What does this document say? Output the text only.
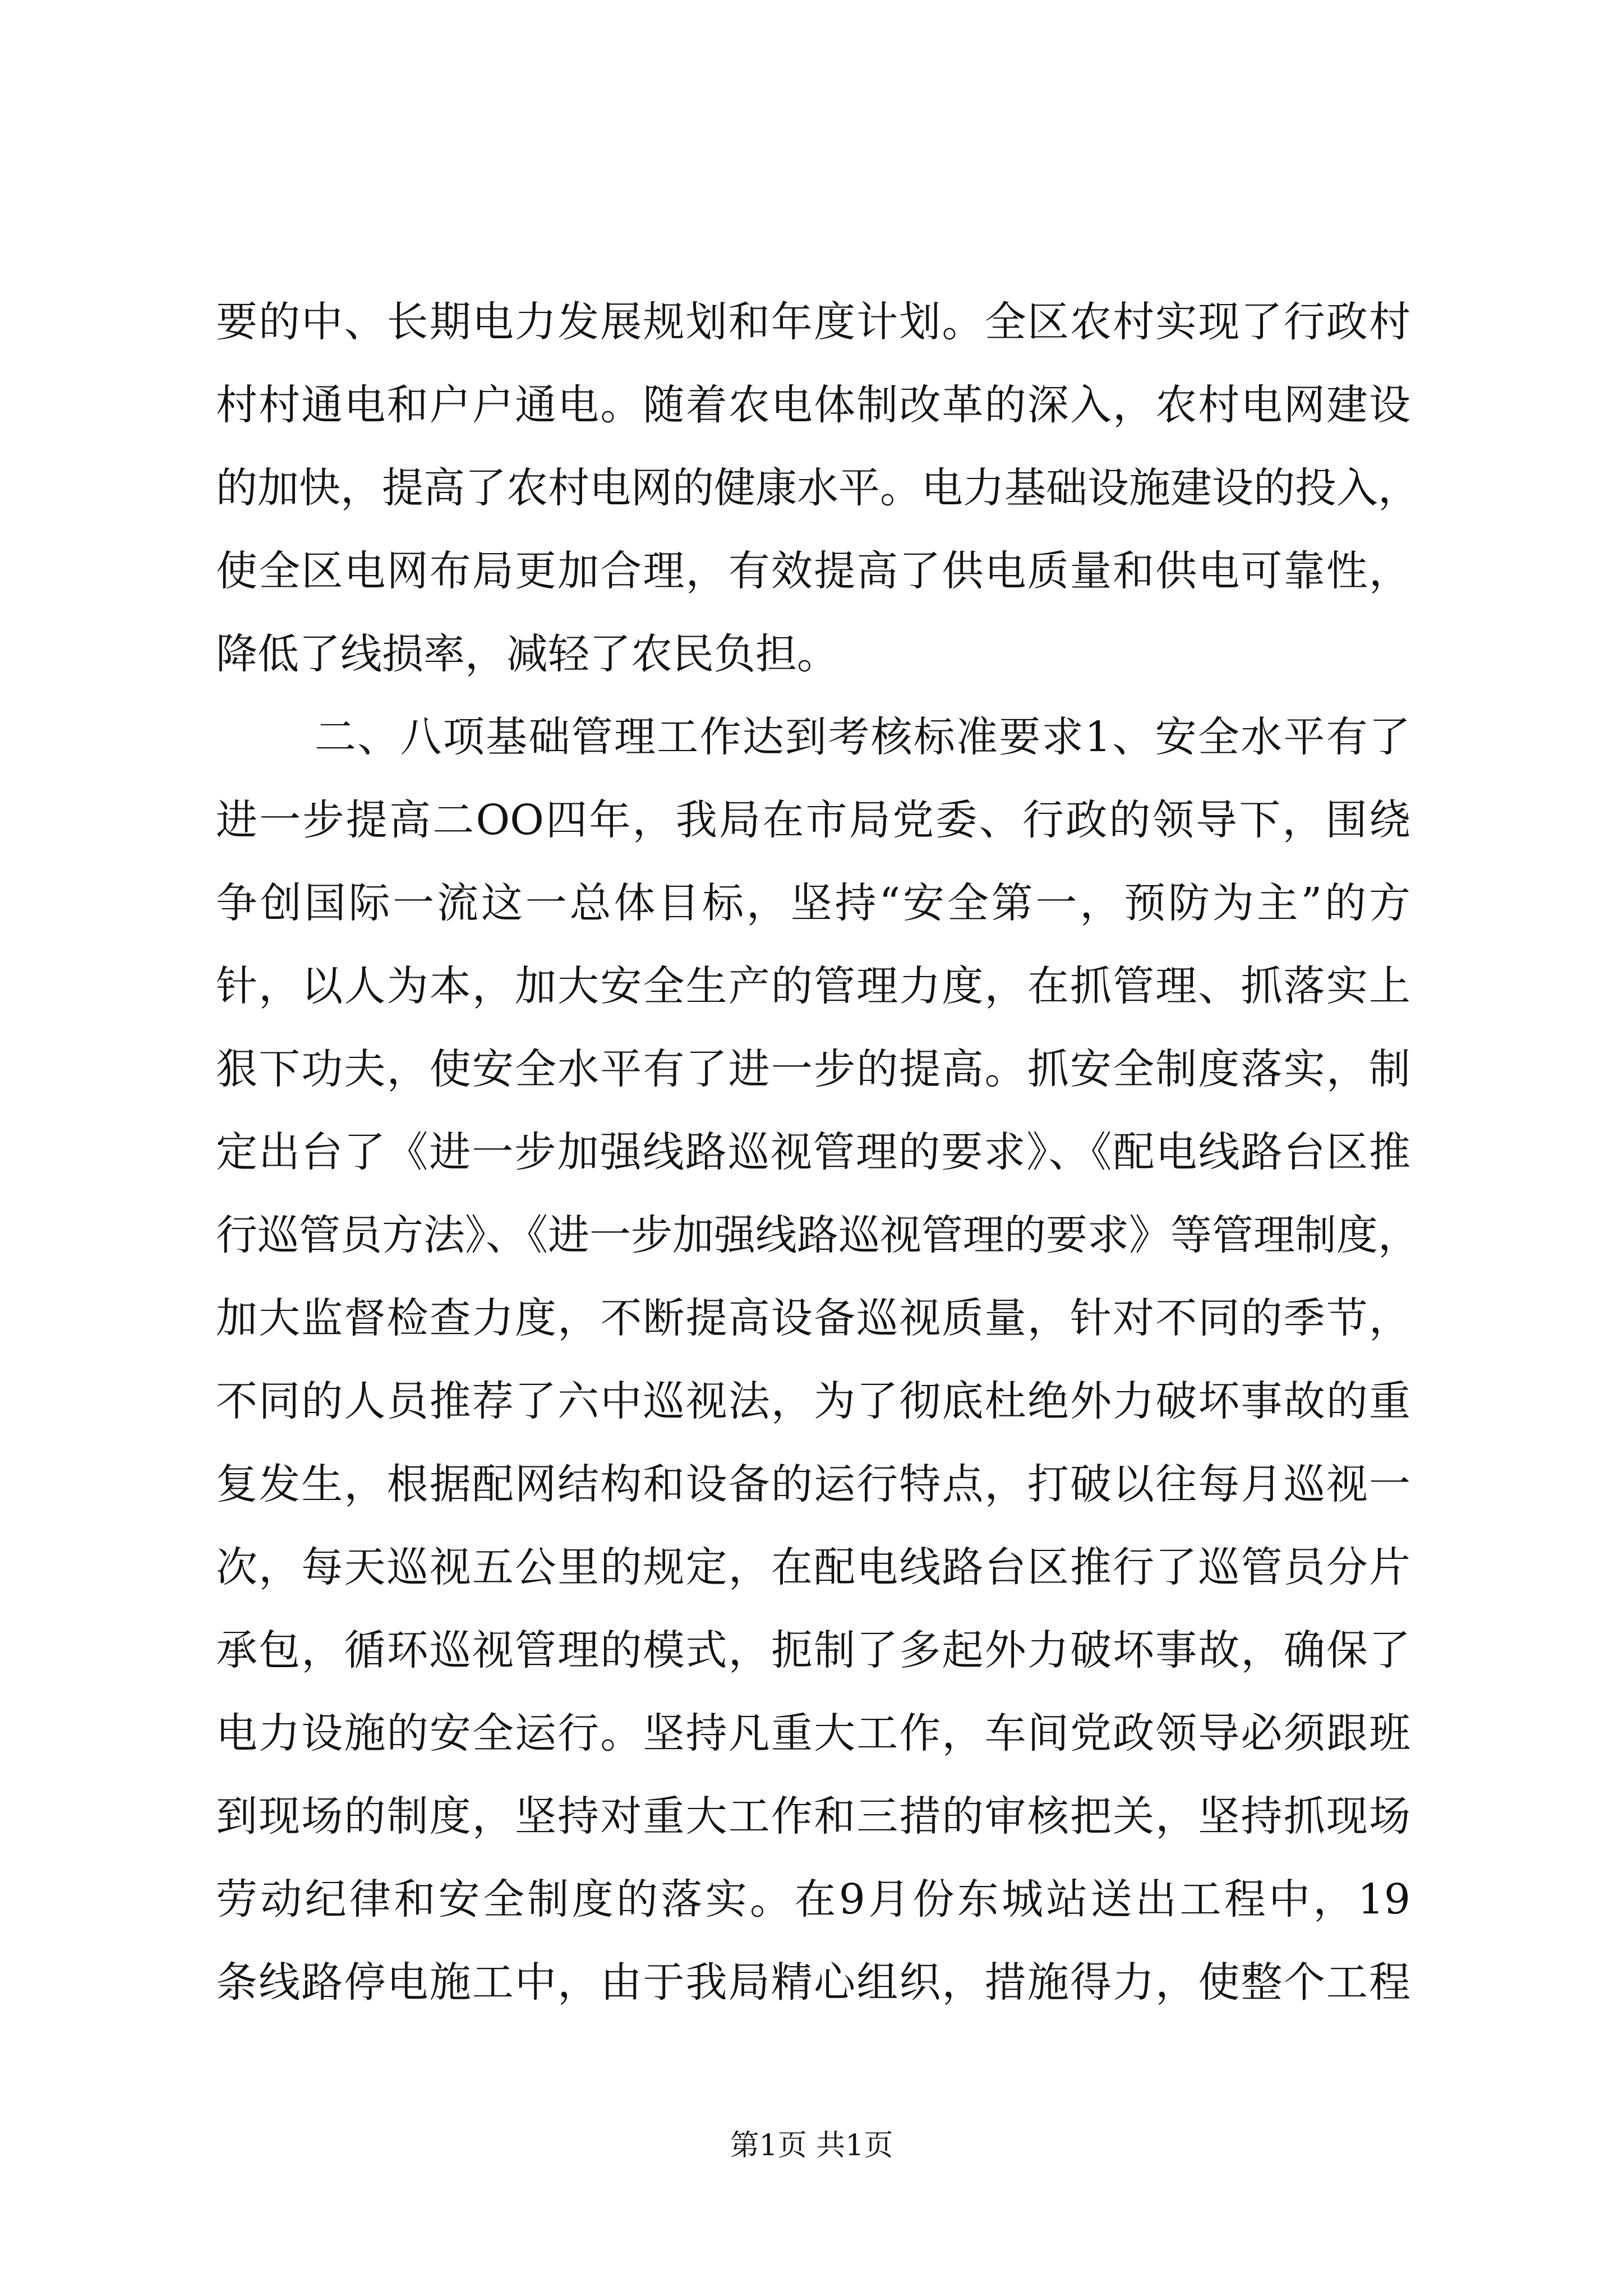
要的中、长期电力发展规划和年度计划。全区农村实现了行政村
村村通电和户户通电。随着农电体制改革的深入，农村电网建设
的加快，提高了农村电网的健康水平。电力基础设施建设的投入，
使全区电网布局更加合理，有效提高了供电质量和供电可靠性，
降低了线损率，减轻了农民负担。
二、八项基础管理工作达到考核标准要求1、安全水平有了
进一步提高二OO四年，我局在市局党委、行政的领导下，围绕
争创国际一流这一总体目标，坚持“安全第一，预防为主”的方
针，以人为本，加大安全生产的管理力度，在抓管理、抓落实上
狠下功夫，使安全水平有了进一步的提高。抓安全制度落实，制
定出台了《进一步加强线路巡视管理的要求》、《配电线路台区推
行巡管员方法》、《进一步加强线路巡视管理的要求》等管理制度，
加大监督检查力度，不断提高设备巡视质量，针对不同的季节，
不同的人员推荐了六中巡视法，为了彻底杜绝外力破坏事故的重
复发生，根据配网结构和设备的运行特点，打破以往每月巡视一
次，每天巡视五公里的规定，在配电线路台区推行了巡管员分片
承包，循环巡视管理的模式，扼制了多起外力破坏事故，确保了
电力设施的安全运行。坚持凡重大工作，车间党政领导必须跟班
到现场的制度，坚持对重大工作和三措的审核把关，坚持抓现场
劳动纪律和安全制度的落实。在9月份东城站送出工程中，19
条线路停电施工中，由于我局精心组织，措施得力，使整个工程
第1页 共1页
